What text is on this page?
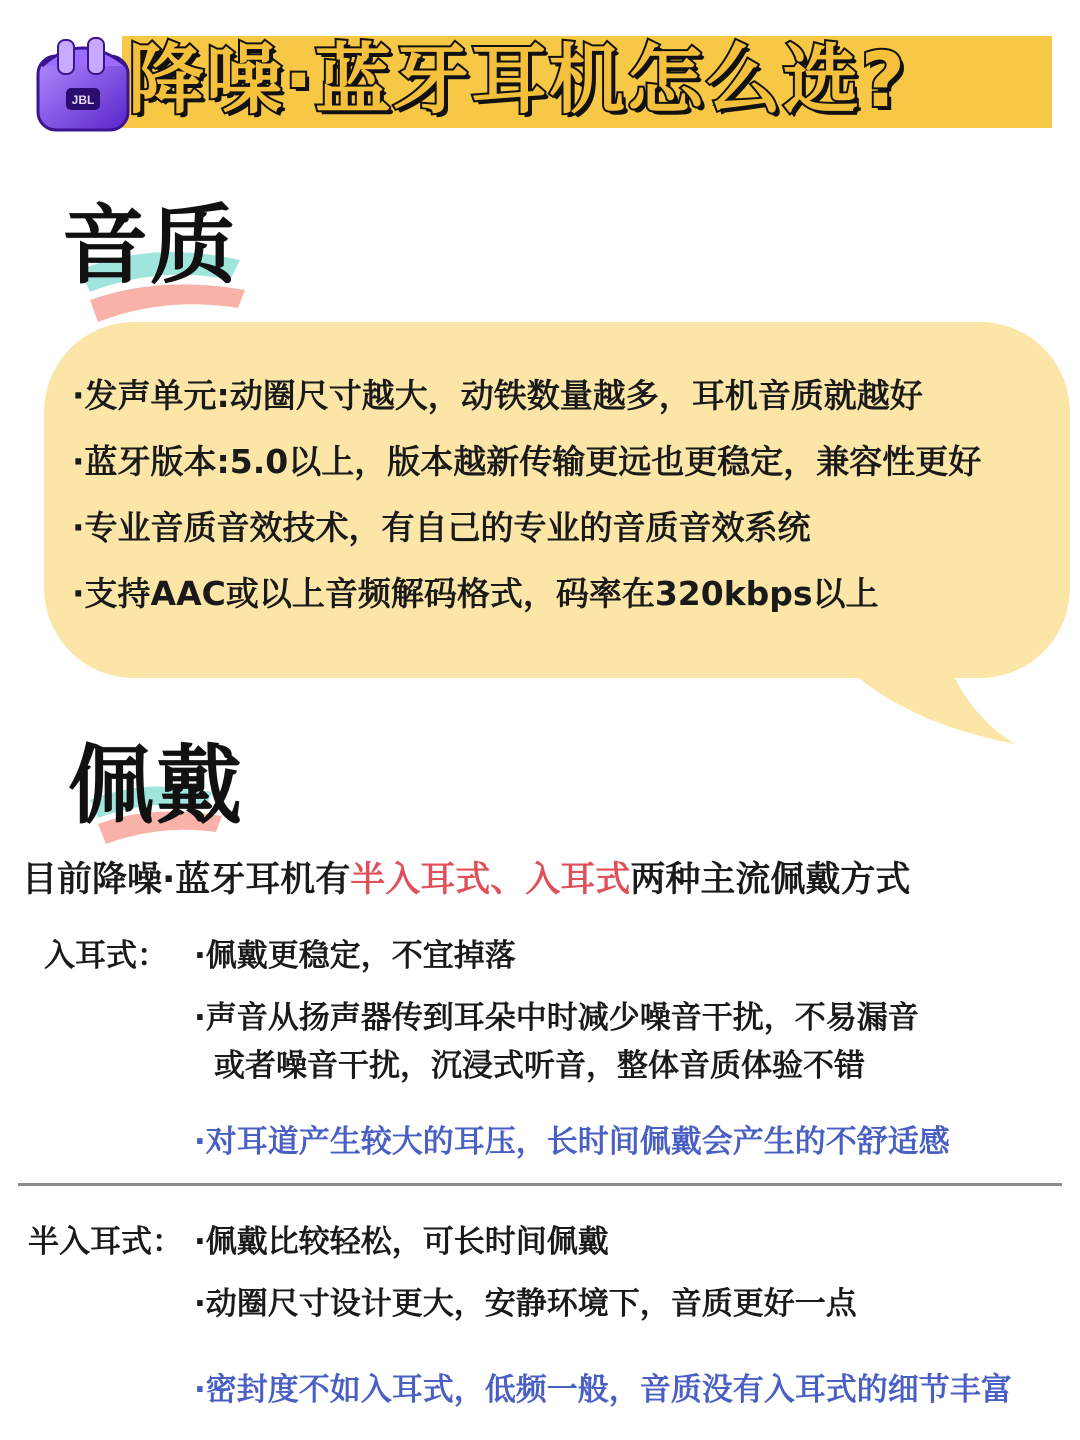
降噪·蓝牙耳机怎么选?
JBL
音质
·发声单元:动圈尺寸越大，动铁数量越多，耳机音质就越好
·蓝牙版本:5.0以上，版本越新传输更远也更稳定，兼容性更好
·专业音质音效技术，有自己的专业的音质音效系统
·支持AAC或以上音频解码格式，码率在320kbps以上
佩戴
目前降噪·蓝牙耳机有半入耳式、入耳式两种主流佩戴方式
入耳式： ·佩戴更稳定，不宜掉落
·声音从扬声器传到耳朵中时减少噪音干扰，不易漏音
或者噪音干扰，沉浸式听音，整体音质体验不错
·对耳道产生较大的耳压，长时间佩戴会产生的不舒适感
半入耳式： ·佩戴比较轻松，可长时间佩戴
·动圈尺寸设计更大，安静环境下，音质更好一点
·密封度不如入耳式，低频一般，音质没有入耳式的细节丰富
